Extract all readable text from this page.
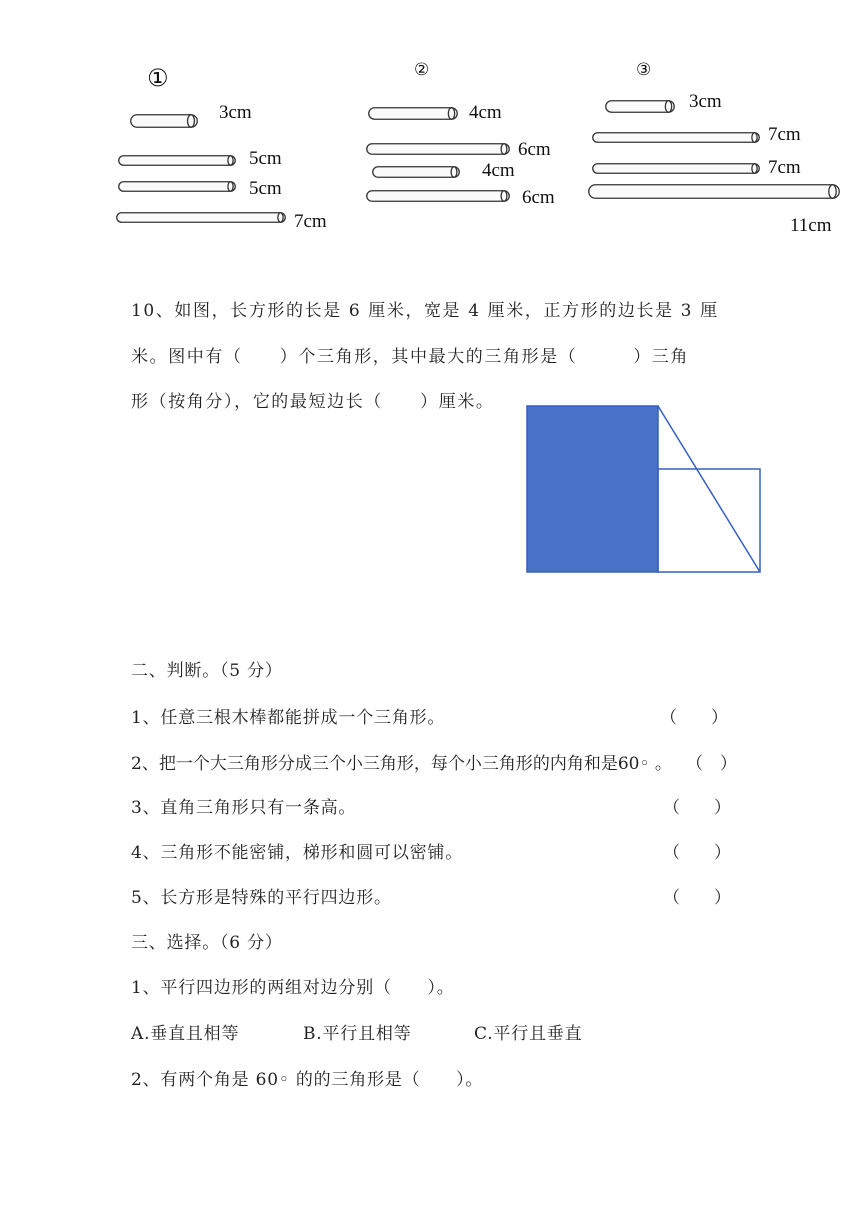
①
3cm
5cm
5cm
7cm
②
4cm
6cm
4cm
6cm
③
3cm
7cm
7cm
11cm
10、如图，长方形的长是 6 厘米，宽是 4 厘米，正方形的边长是 3 厘
米。图中有（　　）个三角形，其中最大的三角形是（　　　）三角
形（按角分），它的最短边长（　　）厘米。
二、判断。（5 分）
1、任意三根木棒都能拼成一个三角形。	（　　）
2、把一个大三角形分成三个小三角形，每个小三角形的内角和是60◦ 。 （　）
3、直角三角形只有一条高。	（　　）
4、三角形不能密铺，梯形和圆可以密铺。	（　　）
5、长方形是特殊的平行四边形。	（　　）
三、选择。（6 分）
1、平行四边形的两组对边分别（　　）。
A.垂直且相等	B.平行且相等	C.平行且垂直
2、有两个角是 60◦ 的的三角形是（　　）。
